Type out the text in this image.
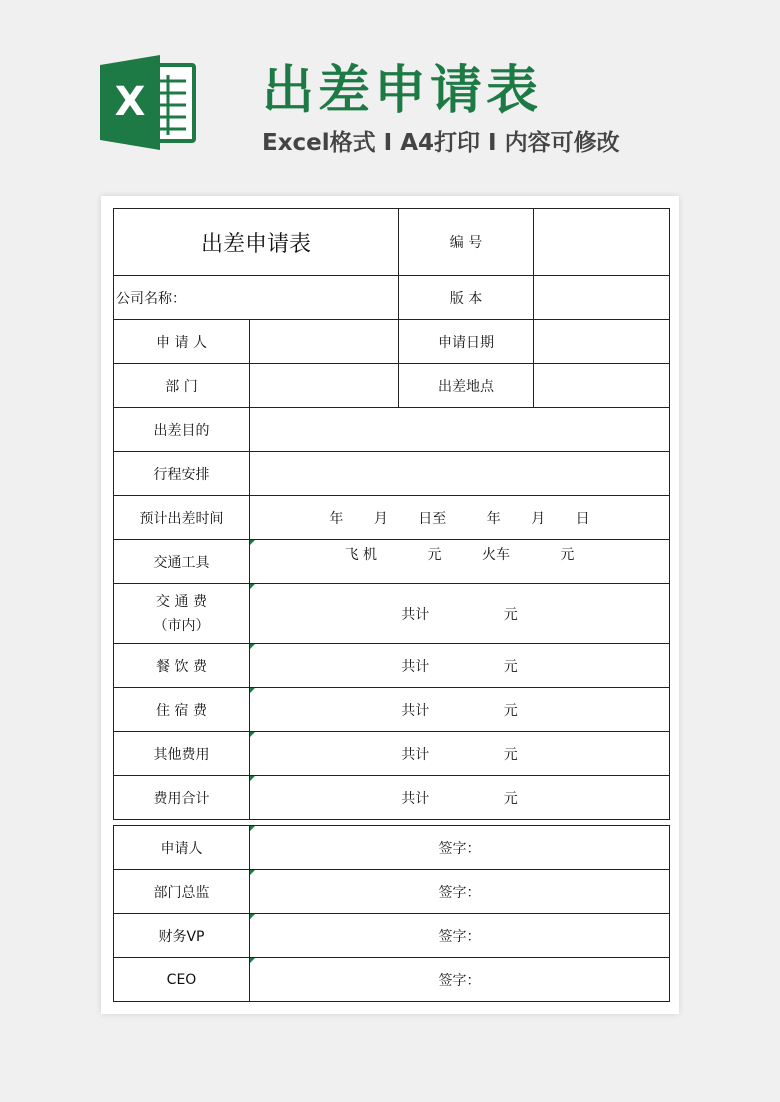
X 出差申请表
Excel格式 I A4打印 I 内容可修改
出差申请表		编 号	
公司名称：		版 本	
申 请 人		申请日期	
部 门		出差地点	
出差目的			
行程安排			
预计出差时间	年 月 日至 年 月 日		
交通工具	飞 机 元 火车 元		

交 通 费
（市内）	共计 元		
餐 饮 费	共计 元		
住 宿 费	共计 元		
其他费用	共计 元		
费用合计	共计 元		
申请人	签字：
部门总监	签字：
财务VP	签字：
CEO	签字：
